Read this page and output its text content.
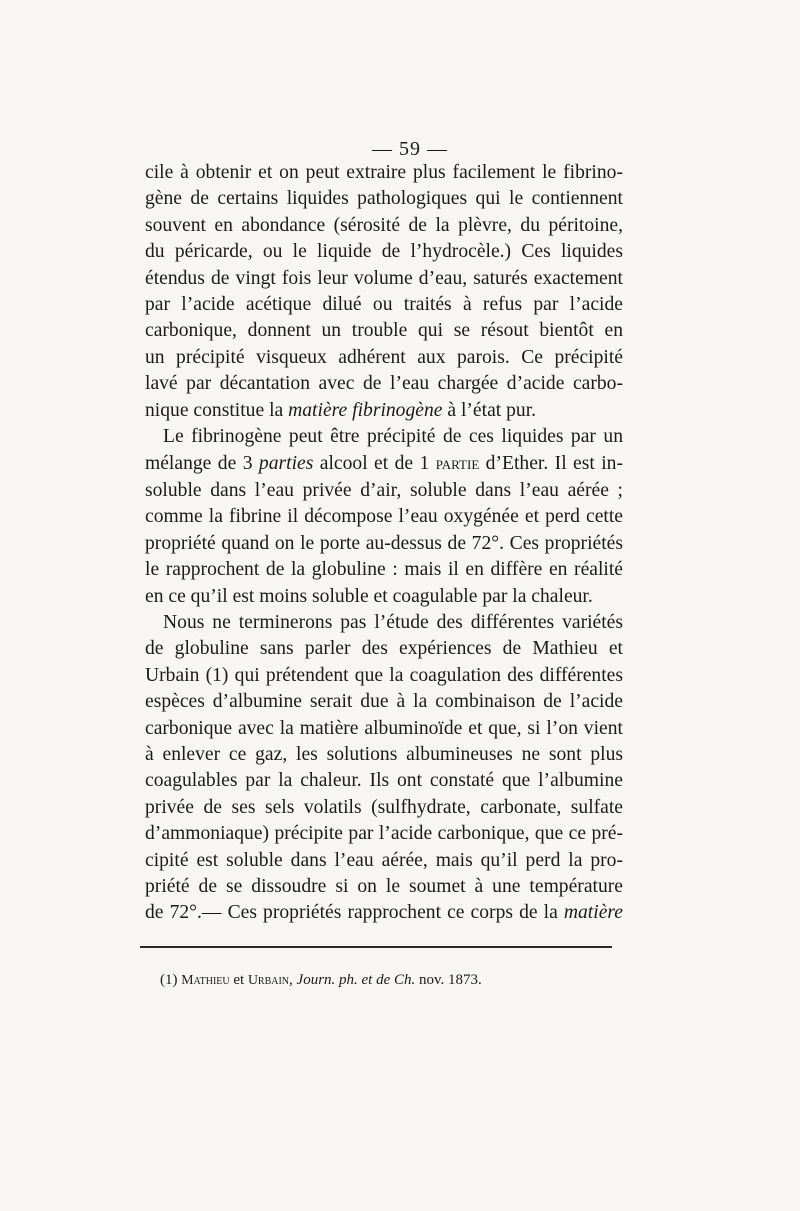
— 59 —

cile à obtenir et on peut extraire plus facilement le fibrino-
gène de certains liquides pathologiques qui le contiennent
souvent en abondance (sérosité de la plèvre, du péritoine,
du péricarde, ou le liquide de l’hydrocèle.) Ces liquides
étendus de vingt fois leur volume d’eau, saturés exactement
par l’acide acétique dilué ou traités à refus par l’acide
carbonique, donnent un trouble qui se résout bientôt en
un précipité visqueux adhérent aux parois. Ce précipité
lavé par décantation avec de l’eau chargée d’acide carbo-
nique constitue la matière fibrinogène à l’état pur.

Le fibrinogène peut être précipité de ces liquides par un
mélange de 3 parties alcool et de 1 partie d’Ether. Il est in-
soluble dans l’eau privée d’air, soluble dans l’eau aérée ;
comme la fibrine il décompose l’eau oxygénée et perd cette
propriété quand on le porte au-dessus de 72°. Ces propriétés
le rapprochent de la globuline : mais il en diffère en réalité
en ce qu’il est moins soluble et coagulable par la chaleur.

Nous ne terminerons pas l’étude des différentes variétés
de globuline sans parler des expériences de Mathieu et
Urbain (1) qui prétendent que la coagulation des différentes
espèces d’albumine serait due à la combinaison de l’acide
carbonique avec la matière albuminoïde et que, si l’on vient
à enlever ce gaz, les solutions albumineuses ne sont plus
coagulables par la chaleur. Ils ont constaté que l’albumine
privée de ses sels volatils (sulfhydrate, carbonate, sulfate
d’ammoniaque) précipite par l’acide carbonique, que ce pré-
cipité est soluble dans l’eau aérée, mais qu’il perd la pro-
priété de se dissoudre si on le soumet à une température
de 72°.— Ces propriétés rapprochent ce corps de la matière

(1) Mathieu et Urbain, Journ. ph. et de Ch. nov. 1873.
